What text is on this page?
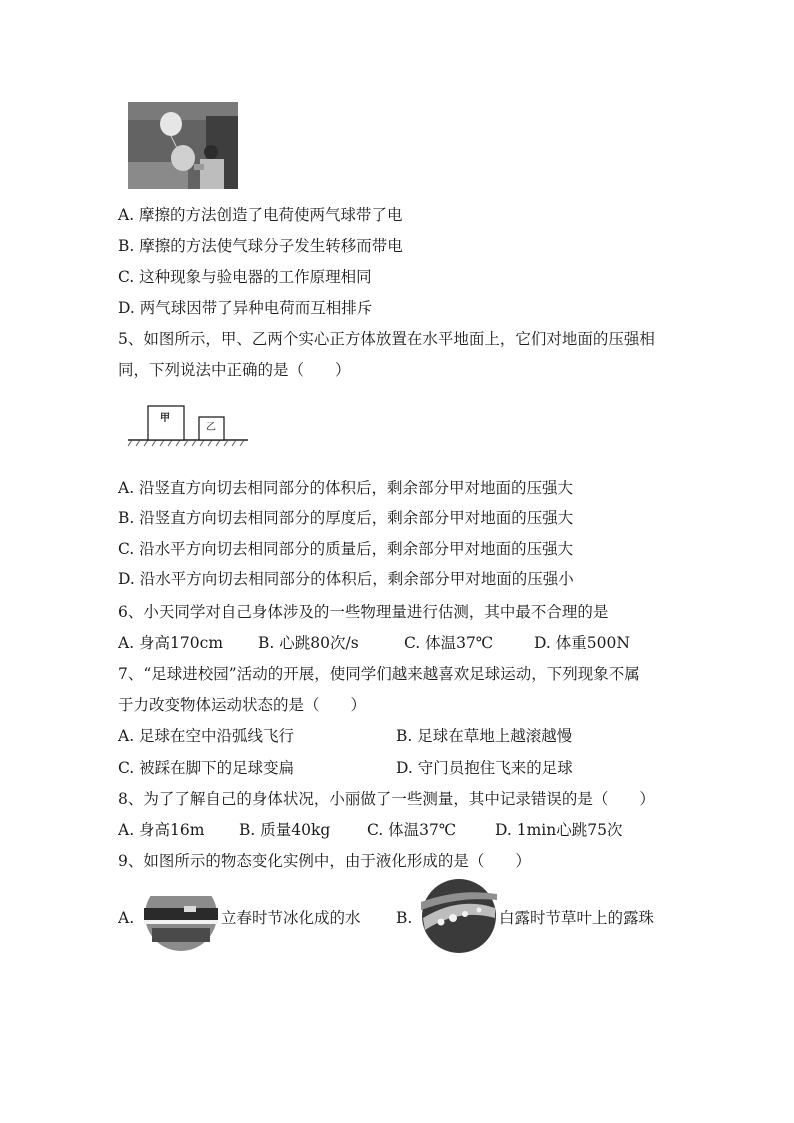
A. 摩擦的方法创造了电荷使两气球带了电
B. 摩擦的方法使气球分子发生转移而带电
C. 这种现象与验电器的工作原理相同
D. 两气球因带了异种电荷而互相排斥
5、如图所示，甲、乙两个实心正方体放置在水平地面上，它们对地面的压强相
同，下列说法中正确的是（　　）
甲
乙
A. 沿竖直方向切去相同部分的体积后，剩余部分甲对地面的压强大
B. 沿竖直方向切去相同部分的厚度后，剩余部分甲对地面的压强大
C. 沿水平方向切去相同部分的质量后，剩余部分甲对地面的压强大
D. 沿水平方向切去相同部分的体积后，剩余部分甲对地面的压强小
6、小天同学对自己身体涉及的一些物理量进行估测，其中最不合理的是
A. 身高170cm B. 心跳80次/s	C. 体温37℃	D. 体重500N
7、“足球进校园”活动的开展，使同学们越来越喜欢足球运动，下列现象不属
于力改变物体运动状态的是（　　）
A. 足球在空中沿弧线飞行	B. 足球在草地上越滚越慢
C. 被踩在脚下的足球变扁	D. 守门员抱住飞来的足球
8、为了了解自己的身体状况，小丽做了一些测量，其中记录错误的是（　　）
A. 身高16m B. 质量40kg C. 体温37℃	D. 1min心跳75次
9、如图所示的物态变化实例中，由于液化形成的是（　　）
A.	立春时节冰化成的水 B.	白露时节草叶上的露珠
